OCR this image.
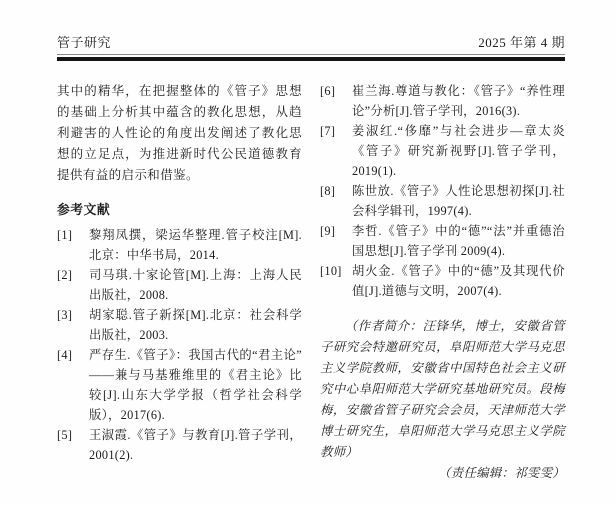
管子研究	2025 年第 4 期

其中的精华，在把握整体的《管子》思想的基础上分析其中蕴含的教化思想，从趋利避害的人性论的角度出发阐述了教化思想的立足点，为推进新时代公民道德教育提供有益的启示和借鉴。

参考文献
[1]	黎翔凤撰，梁运华整理.管子校注[M].北京：中华书局，2014.
[2]	司马琪.十家论管[M].上海：上海人民出版社，2008.
[3]	胡家聪.管子新探[M].北京：社会科学出版社，2003.
[4]	严存生.《管子》：我国古代的“君主论”——兼与马基雅维里的《君主论》比较[J].山东大学学报（哲学社会科学版），2017(6).
[5]	王淑霞.《管子》与教育[J].管子学刊，2001(2).
[6]	崔兰海.尊道与教化：《管子》“养性理论”分析[J].管子学刊，2016(3).
[7]	姜淑红.“侈靡”与社会进步—章太炎《管子》研究新视野[J].管子学刊，2019(1).
[8]	陈世放.《管子》人性论思想初探[J].社会科学辑刊，1997(4).
[9]	李哲.《管子》中的“德”“法”并重德治国思想[J].管子学刊 2009(4).
[10] 胡火金.《管子》中的“德”及其现代价值[J].道德与文明，2007(4).

（作者简介：汪锋华，博士，安徽省管子研究会特邀研究员，阜阳师范大学马克思主义学院教师，安徽省中国特色社会主义研究中心阜阳师范大学研究基地研究员。段梅梅，安徽省管子研究会会员，天津师范大学博士研究生，阜阳师范大学马克思主义学院教师）

（责任编辑：祁雯雯）
